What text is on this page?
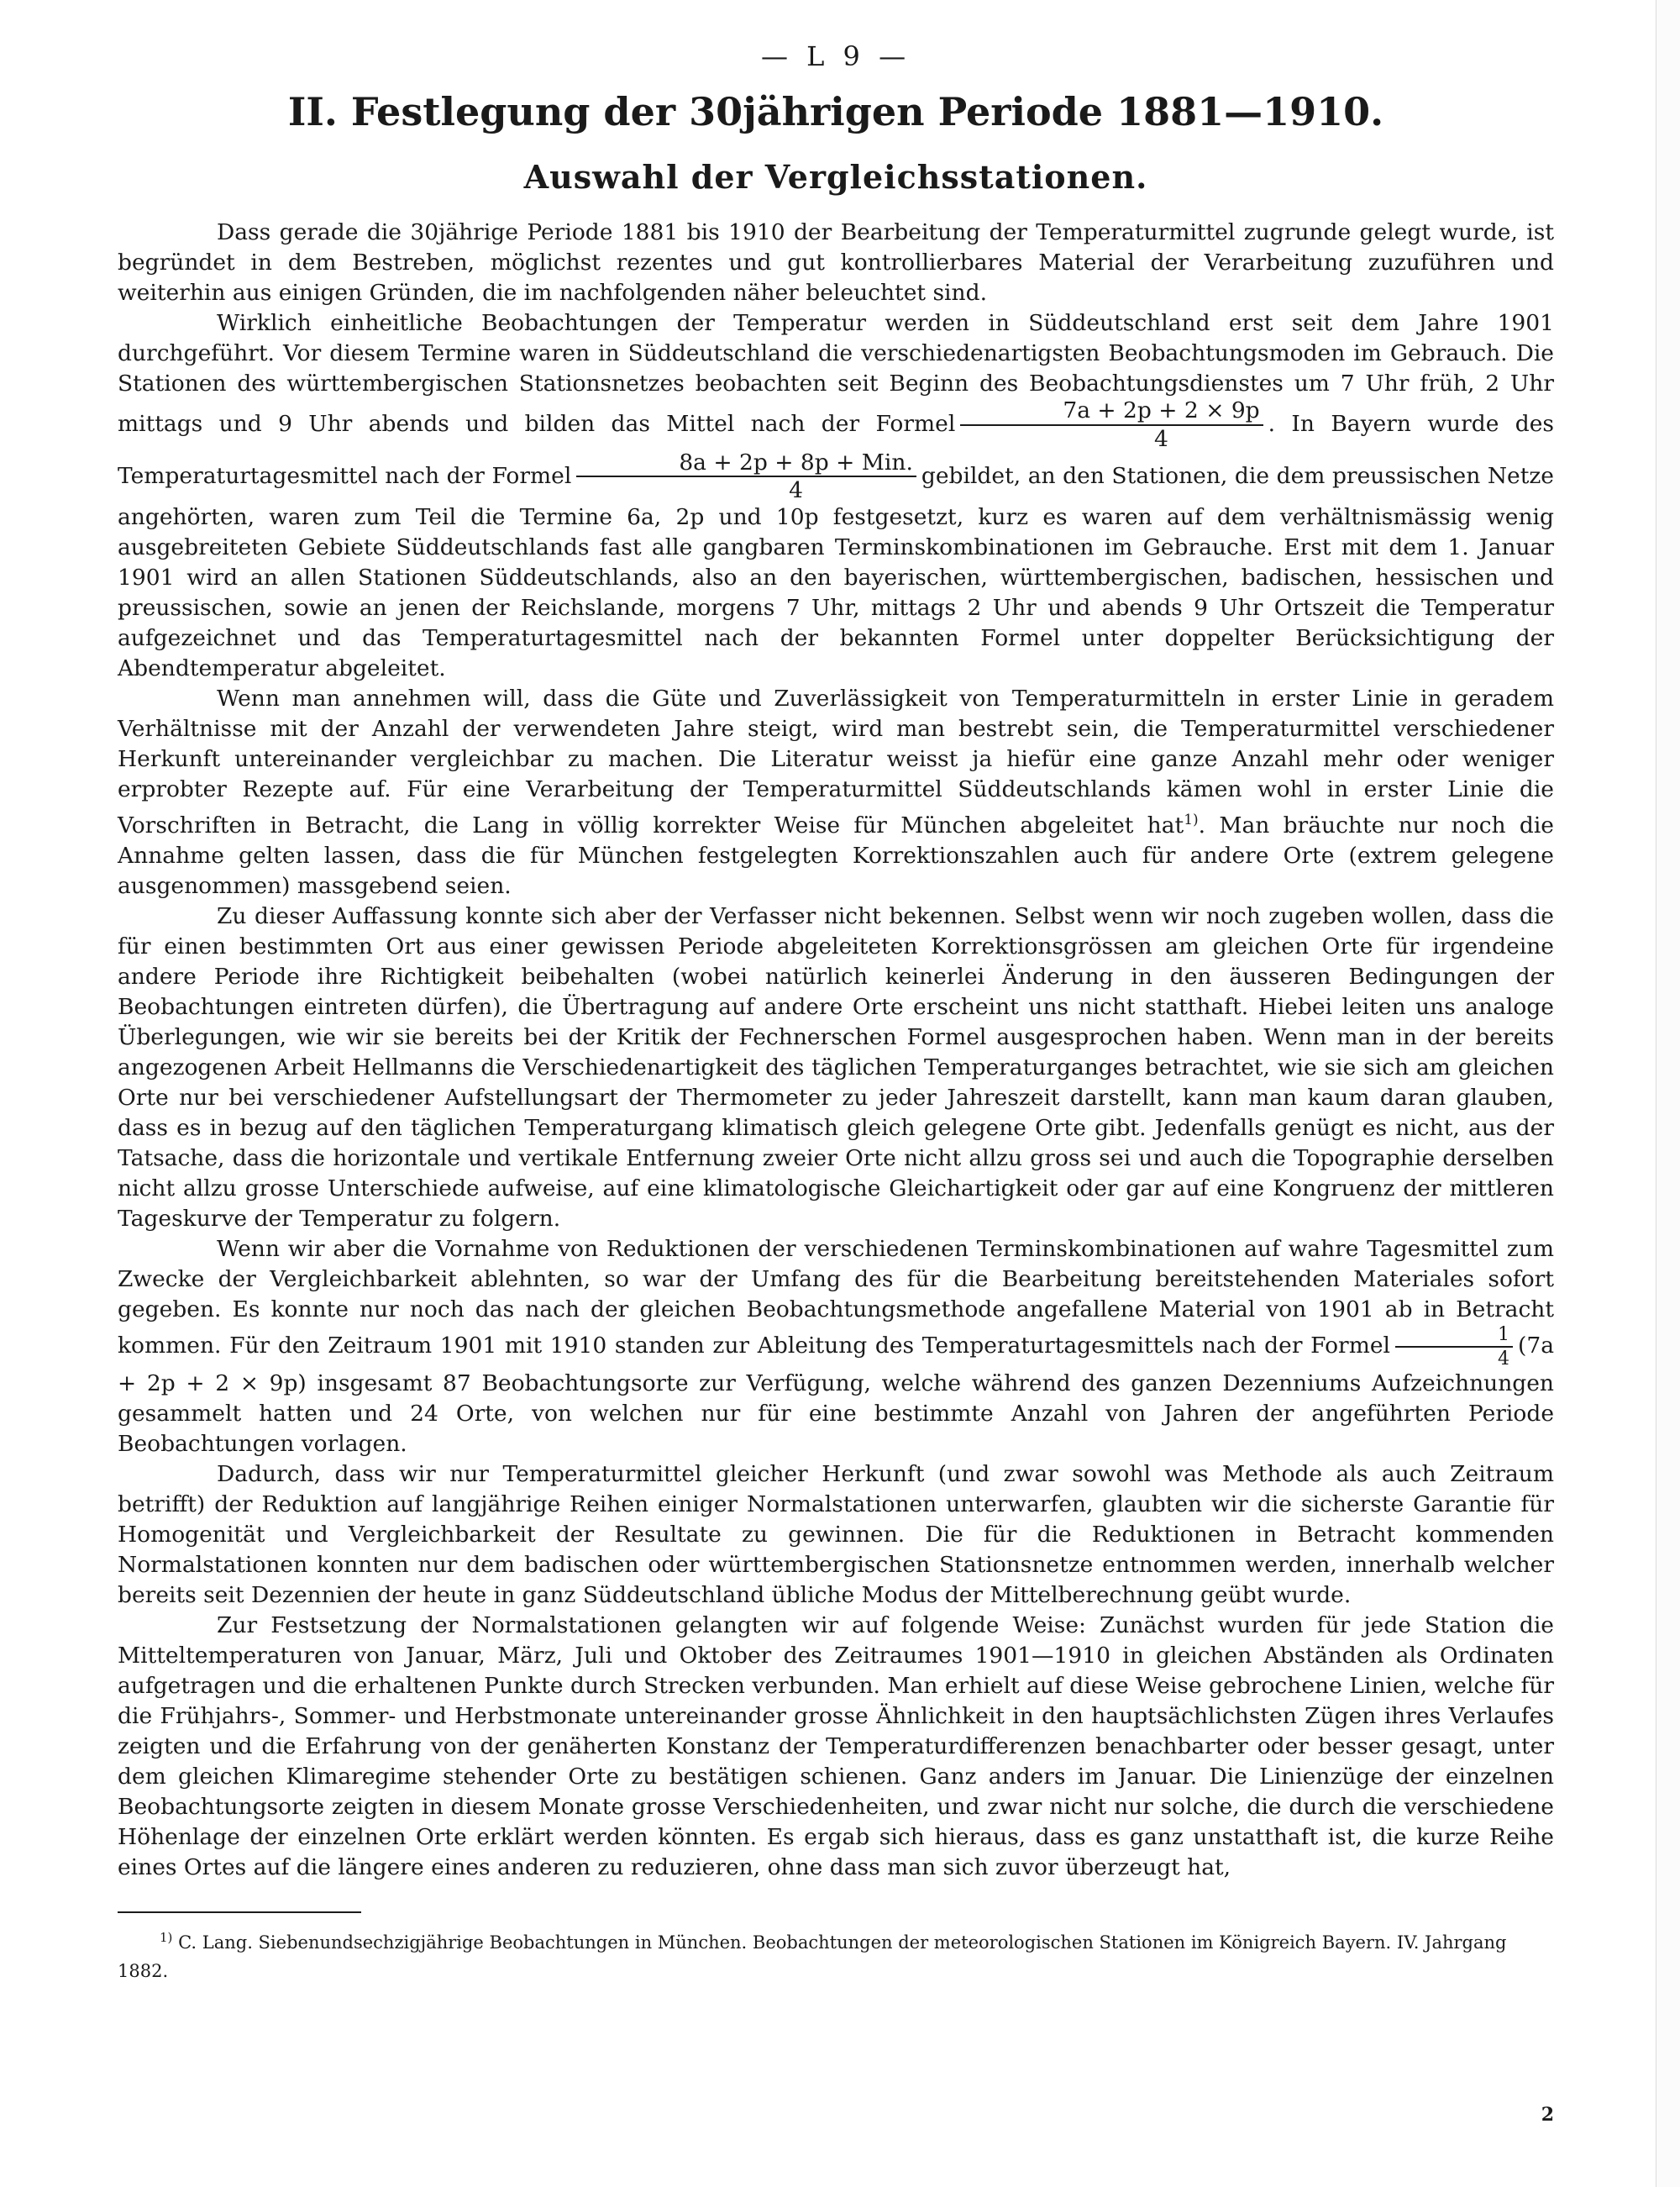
— L 9 —
II. Festlegung der 30jährigen Periode 1881—1910.
Auswahl der Vergleichsstationen.

Dass gerade die 30jährige Periode 1881 bis 1910 der Bearbeitung der Temperaturmittel zugrunde gelegt wurde, ist begründet in dem Bestreben, möglichst rezentes und gut kontrollierbares Material der Verarbeitung zuzuführen und weiterhin aus einigen Gründen, die im nachfolgenden näher beleuchtet sind.

Wirklich einheitliche Beobachtungen der Temperatur werden in Süddeutschland erst seit dem Jahre 1901 durchgeführt. Vor diesem Termine waren in Süddeutschland die verschiedenartigsten Beobachtungsmoden im Gebrauch. Die Stationen des württembergischen Stationsnetzes beobachten seit Beginn des Beobachtungsdienstes um 7 Uhr früh, 2 Uhr mittags und 9 Uhr abends und bilden das Mittel nach der Formel $\frac{7a + 2p + 2 \times 9p}{4}$ . In Bayern wurde des Temperaturtagesmittel nach der Formel $\frac{\text{8a + 2p + 8p + Min.}}{4}$ gebildet, an den Stationen, die dem preussischen Netze angehörten, waren zum Teil die Termine 6a, 2p und 10p festgesetzt, kurz es waren auf dem verhältnismässig wenig ausgebreiteten Gebiete Süddeutschlands fast alle gangbaren Terminskombinationen im Gebrauche. Erst mit dem 1. Januar 1901 wird an allen Stationen Süddeutschlands, also an den bayerischen, württembergischen, badischen, hessischen und preussischen, sowie an jenen der Reichslande, morgens 7 Uhr, mittags 2 Uhr und abends 9 Uhr Ortszeit die Temperatur aufgezeichnet und das Temperaturtagesmittel nach der bekannten Formel unter doppelter Berücksichtigung der Abendtemperatur abgeleitet.

Wenn man annehmen will, dass die Güte und Zuverlässigkeit von Temperaturmitteln in erster Linie in geradem Verhältnisse mit der Anzahl der verwendeten Jahre steigt, wird man bestrebt sein, die Temperaturmittel verschiedener Herkunft untereinander vergleichbar zu machen. Die Literatur weisst ja hiefür eine ganze Anzahl mehr oder weniger erprobter Rezepte auf. Für eine Verarbeitung der Temperaturmittel Süddeutschlands kämen wohl in erster Linie die Vorschriften in Betracht, die Lang in völlig korrekter Weise für München abgeleitet hat$^{1)}$. Man bräuchte nur noch die Annahme gelten lassen, dass die für München festgelegten Korrektionszahlen auch für andere Orte (extrem gelegene ausgenommen) massgebend seien.

Zu dieser Auffassung konnte sich aber der Verfasser nicht bekennen. Selbst wenn wir noch zugeben wollen, dass die für einen bestimmten Ort aus einer gewissen Periode abgeleiteten Korrektionsgrössen am gleichen Orte für irgendeine andere Periode ihre Richtigkeit beibehalten (wobei natürlich keinerlei Änderung in den äusseren Bedingungen der Beobachtungen eintreten dürfen), die Übertragung auf andere Orte erscheint uns nicht statthaft. Hiebei leiten uns analoge Überlegungen, wie wir sie bereits bei der Kritik der Fechnerschen Formel ausgesprochen haben. Wenn man in der bereits angezogenen Arbeit Hellmanns die Verschiedenartigkeit des täglichen Temperaturganges betrachtet, wie sie sich am gleichen Orte nur bei verschiedener Aufstellungsart der Thermometer zu jeder Jahreszeit darstellt, kann man kaum daran glauben, dass es in bezug auf den täglichen Temperaturgang klimatisch gleich gelegene Orte gibt. Jedenfalls genügt es nicht, aus der Tatsache, dass die horizontale und vertikale Entfernung zweier Orte nicht allzu gross sei und auch die Topographie derselben nicht allzu grosse Unterschiede aufweise, auf eine klimatologische Gleichartigkeit oder gar auf eine Kongruenz der mittleren Tageskurve der Temperatur zu folgern.

Wenn wir aber die Vornahme von Reduktionen der verschiedenen Terminskombinationen auf wahre Tagesmittel zum Zwecke der Vergleichbarkeit ablehnten, so war der Umfang des für die Bearbeitung bereitstehenden Materiales sofort gegeben. Es konnte nur noch das nach der gleichen Beobachtungsmethode angefallene Material von 1901 ab in Betracht kommen. Für den Zeitraum 1901 mit 1910 standen zur Ableitung des Temperaturtagesmittels nach der Formel $\frac{1}{4} (7a + 2p + 2 \times 9p)$ insgesamt 87 Beobachtungsorte zur Verfügung, welche während des ganzen Dezenniums Aufzeichnungen gesammelt hatten und 24 Orte, von welchen nur für eine bestimmte Anzahl von Jahren der angeführten Periode Beobachtungen vorlagen.

Dadurch, dass wir nur Temperaturmittel gleicher Herkunft (und zwar sowohl was Methode als auch Zeitraum betrifft) der Reduktion auf langjährige Reihen einiger Normalstationen unterwarfen, glaubten wir die sicherste Garantie für Homogenität und Vergleichbarkeit der Resultate zu gewinnen. Die für die Reduktionen in Betracht kommenden Normalstationen konnten nur dem badischen oder württembergischen Stationsnetze entnommen werden, innerhalb welcher bereits seit Dezennien der heute in ganz Süddeutschland übliche Modus der Mittelberechnung geübt wurde.

Zur Festsetzung der Normalstationen gelangten wir auf folgende Weise: Zunächst wurden für jede Station die Mitteltemperaturen von Januar, März, Juli und Oktober des Zeitraumes 1901—1910 in gleichen Abständen als Ordinaten aufgetragen und die erhaltenen Punkte durch Strecken verbunden. Man erhielt auf diese Weise gebrochene Linien, welche für die Frühjahrs-, Sommer- und Herbstmonate untereinander grosse Ähnlichkeit in den hauptsächlichsten Zügen ihres Verlaufes zeigten und die Erfahrung von der genäherten Konstanz der Temperaturdifferenzen benachbarter oder besser gesagt, unter dem gleichen Klimaregime stehender Orte zu bestätigen schienen. Ganz anders im Januar. Die Linienzüge der einzelnen Beobachtungsorte zeigten in diesem Monate grosse Verschiedenheiten, und zwar nicht nur solche, die durch die verschiedene Höhenlage der einzelnen Orte erklärt werden könnten. Es ergab sich hieraus, dass es ganz unstatthaft ist, die kurze Reihe eines Ortes auf die längere eines anderen zu reduzieren, ohne dass man sich zuvor überzeugt hat,

$^{1)}$ C. Lang. Siebenundsechzigjährige Beobachtungen in München. Beobachtungen der meteorologischen Stationen im Königreich Bayern. IV. Jahrgang 1882.

2
